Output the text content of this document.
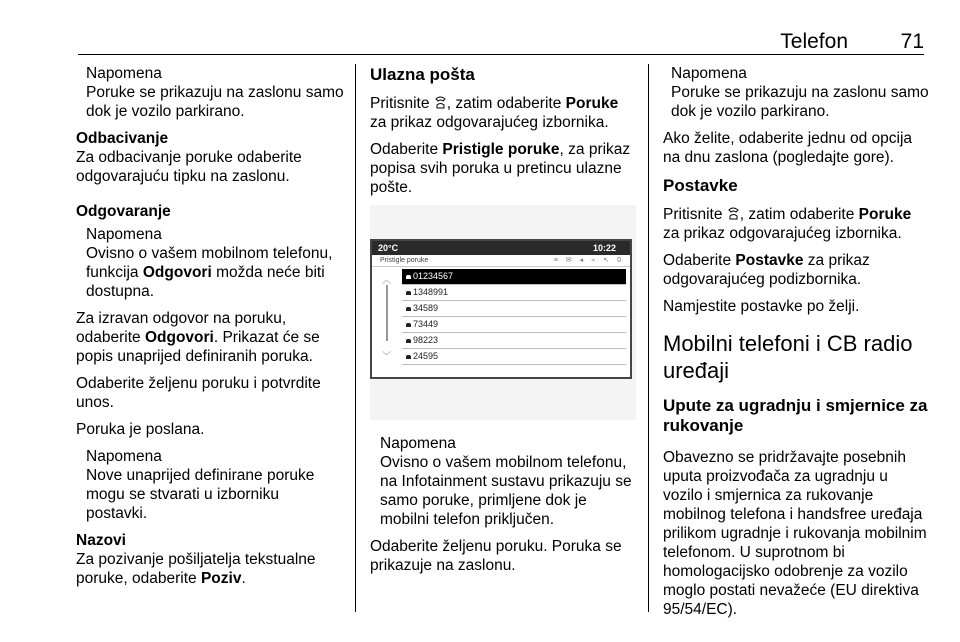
Telefon	71
Napomena
Poruke se prikazuju na zaslonu samo dok je vozilo parkirano.
Odbacivanje

Za odbacivanje poruke odaberite odgovarajuću tipku na zaslonu.

Odgovaranje
Napomena
Ovisno o vašem mobilnom telefonu, funkcija Odgovori možda neće biti dostupna.

Za izravan odgovor na poruku, odaberite Odgovori. Prikazat će se popis unaprijed definiranih poruka.

Odaberite željenu poruku i potvrdite unos.

Poruka je poslana.

Napomena
Nove unaprijed definirane poruke mogu se stvarati u izborniku postavki.
Nazovi

Za pozivanje pošiljatelja tekstualne poruke, odaberite Poziv.

Ulazna pošta

Pritisnite , zatim odaberite Poruke za prikaz odgovarajućeg izbornika.

Odaberite Pristigle poruke, za prikaz popisa svih poruka u pretincu ulazne pošte.

20°C	10:22
Pristigle poruke	≡ ✉ ◂ ⌁ ↖ 0
︿
﹀
01234567
1348991
34589
73449
98223
24595
Napomena
Ovisno o vašem mobilnom telefonu, na Infotainment sustavu prikazuju se samo poruke, primljene dok je mobilni telefon priključen.

Odaberite željenu poruku. Poruka se prikazuje na zaslonu.

Napomena
Poruke se prikazuju na zaslonu samo dok je vozilo parkirano.

Ako želite, odaberite jednu od opcija na dnu zaslona (pogledajte gore).

Postavke

Pritisnite , zatim odaberite Poruke za prikaz odgovarajućeg izbornika.

Odaberite Postavke za prikaz odgovarajućeg podizbornika.

Namjestite postavke po želji.

Mobilni telefoni i CB radio uređaji
Upute za ugradnju i smjernice za rukovanje

Obavezno se pridržavajte posebnih uputa proizvođača za ugradnju u vozilo i smjernica za rukovanje mobilnog telefona i handsfree uređaja prilikom ugradnje i rukovanja mobilnim telefonom. U suprotnom bi homologacijsko odobrenje za vozilo moglo postati nevažeće (EU direktiva 95/54/EC).
